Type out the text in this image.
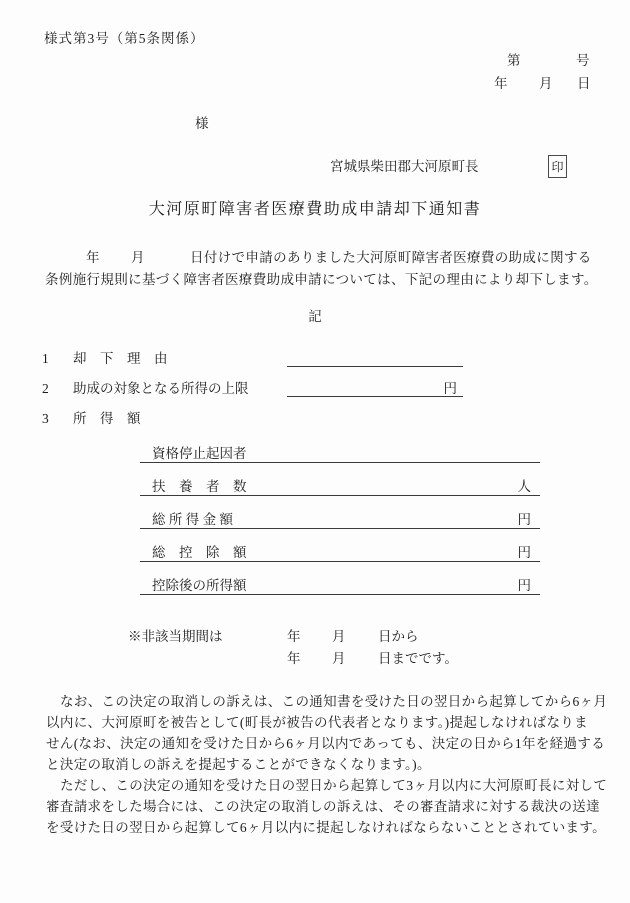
様式第3号（第5条関係）
第	号
年 月 日
様
宮城県柴田郡大河原町長	印
大河原町障害者医療費助成申請却下通知書
年 月	日付けで申請のありました大河原町障害者医療費の助成に関する
条例施行規則に基づく障害者医療費助成申請については、下記の理由により却下します。
記
1 却　下　理　由
2 助成の対象となる所得の上限	円
3 所　得　額
資格停止起因者
扶　養　者　数	人
総 所 得 金 額	円
総　控　除　額	円
控除後の所得額	円
※非該当期間は	年 月 日から
年 月 日までです。
なお、この決定の取消しの訴えは、この通知書を受けた日の翌日から起算してから6ヶ月
以内に、大河原町を被告として(町長が被告の代表者となります。)提起しなければなりま
せん(なお、決定の通知を受けた日から6ヶ月以内であっても、決定の日から1年を経過する
と決定の取消しの訴えを提起することができなくなります。)。
ただし、この決定の通知を受けた日の翌日から起算して3ヶ月以内に大河原町長に対して
審査請求をした場合には、この決定の取消しの訴えは、その審査請求に対する裁決の送達
を受けた日の翌日から起算して6ヶ月以内に提起しなければならないこととされています。
